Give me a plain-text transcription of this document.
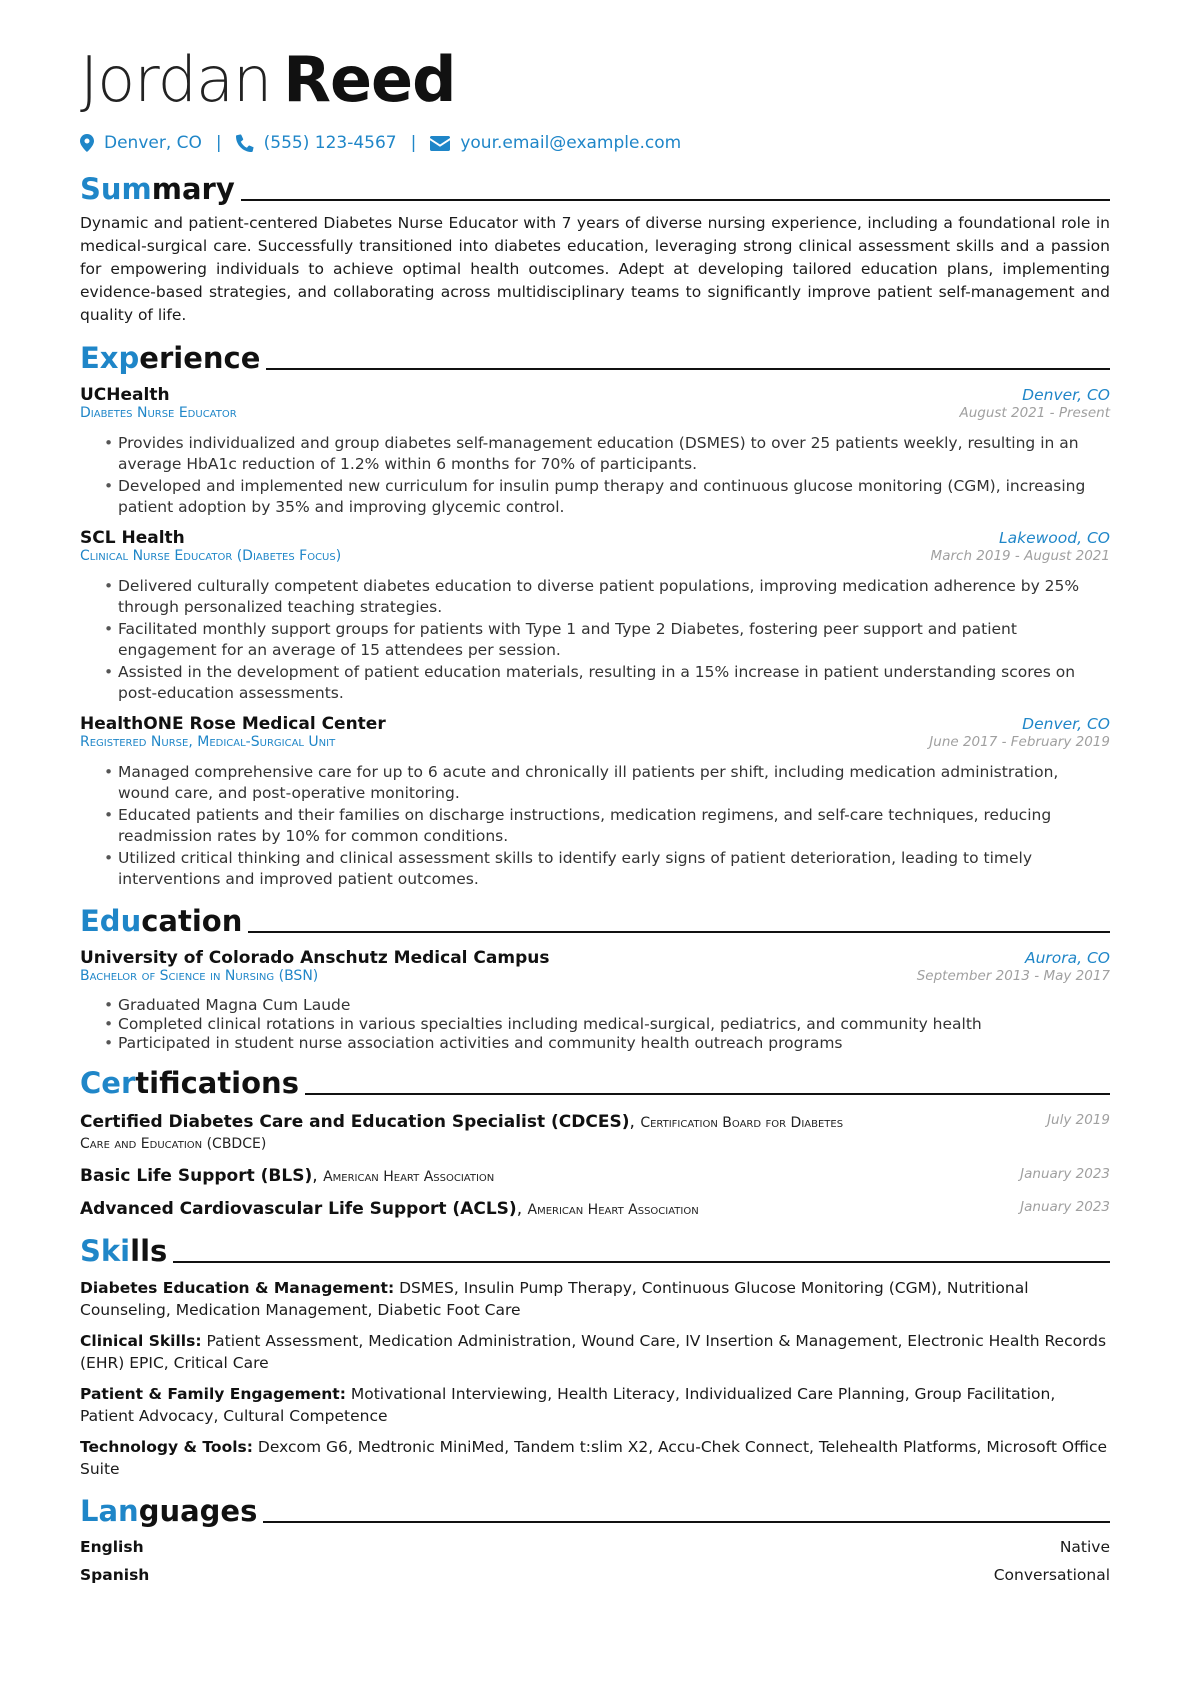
Jordan Reed
Denver, CO | (555) 123-4567 |	your.email@example.com
Summary
Dynamic and patient-centered Diabetes Nurse Educator with 7 years of diverse nursing experience, including a foundational role in medical-surgical care. Successfully transitioned into diabetes education, leveraging strong clinical assessment skills and a passion for empowering individuals to achieve optimal health outcomes. Adept at developing tailored education plans, implementing evidence-based strategies, and collaborating across multidisciplinary teams to significantly improve patient self-management and quality of life.
Experience
UCHealth	Denver, CO
Diabetes Nurse Educator	August 2021 - Present
• Provides individualized and group diabetes self-management education (DSMES) to over 25 patients weekly, resulting in an average HbA1c reduction of 1.2% within 6 months for 70% of participants.
• Developed and implemented new curriculum for insulin pump therapy and continuous glucose monitoring (CGM), increasing patient adoption by 35% and improving glycemic control.
SCL Health	Lakewood, CO
Clinical Nurse Educator (Diabetes Focus)	March 2019 - August 2021
• Delivered culturally competent diabetes education to diverse patient populations, improving medication adherence by 25% through personalized teaching strategies.
• Facilitated monthly support groups for patients with Type 1 and Type 2 Diabetes, fostering peer support and patient engagement for an average of 15 attendees per session.
• Assisted in the development of patient education materials, resulting in a 15% increase in patient understanding scores on post-education assessments.
HealthONE Rose Medical Center	Denver, CO
Registered Nurse, Medical-Surgical Unit	June 2017 - February 2019
• Managed comprehensive care for up to 6 acute and chronically ill patients per shift, including medication administration, wound care, and post-operative monitoring.
• Educated patients and their families on discharge instructions, medication regimens, and self-care techniques, reducing readmission rates by 10% for common conditions.
• Utilized critical thinking and clinical assessment skills to identify early signs of patient deterioration, leading to timely interventions and improved patient outcomes.
Education
University of Colorado Anschutz Medical Campus	Aurora, CO
Bachelor of Science in Nursing (BSN)	September 2013 - May 2017
• Graduated Magna Cum Laude
• Completed clinical rotations in various specialties including medical-surgical, pediatrics, and community health
• Participated in student nurse association activities and community health outreach programs
Certifications
Certified Diabetes Care and Education Specialist (CDCES), Certification Board for Diabetes Care and Education (CBDCE)
July 2019
Basic Life Support (BLS), American Heart Association	January 2023
Advanced Cardiovascular Life Support (ACLS), American Heart Association	January 2023
Skills
Diabetes Education & Management: DSMES, Insulin Pump Therapy, Continuous Glucose Monitoring (CGM), Nutritional Counseling, Medication Management, Diabetic Foot Care
Clinical Skills: Patient Assessment, Medication Administration, Wound Care, IV Insertion & Management, Electronic Health Records (EHR) EPIC, Critical Care
Patient & Family Engagement: Motivational Interviewing, Health Literacy, Individualized Care Planning, Group Facilitation, Patient Advocacy, Cultural Competence
Technology & Tools: Dexcom G6, Medtronic MiniMed, Tandem t:slim X2, Accu-Chek Connect, Telehealth Platforms, Microsoft Office Suite
Languages
English	Native
Spanish	Conversational
